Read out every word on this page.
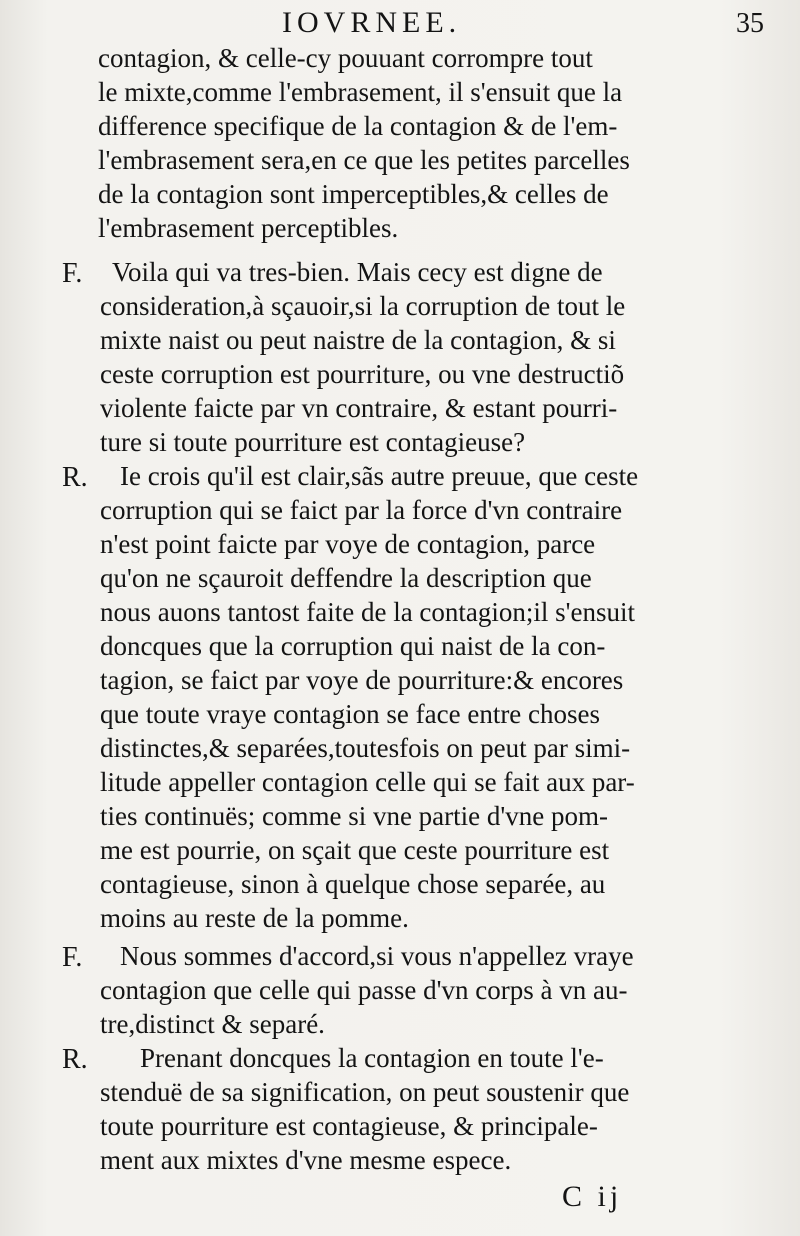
IOVRNEE.	35
F.
R.
F.
R.
contagion, & celle-cy pouuant corrompre tout
le mixte,comme l'embrasement, il s'ensuit que la
difference specifique de la contagion & de l'em-
l'embrasement sera,en ce que les petites parcelles
de la contagion sont imperceptibles,& celles de
l'embrasement perceptibles.
Voila qui va tres-bien. Mais cecy est digne de
consideration,à sçauoir,si la corruption de tout le
mixte naist ou peut naistre de la contagion, & si
ceste corruption est pourriture, ou vne destructiõ
violente faicte par vn contraire, & estant pourri-
ture si toute pourriture est contagieuse?
Ie crois qu'il est clair,sãs autre preuue, que ceste
corruption qui se faict par la force d'vn contraire
n'est point faicte par voye de contagion, parce
qu'on ne sçauroit deffendre la description que
nous auons tantost faite de la contagion;il s'ensuit
doncques que la corruption qui naist de la con-
tagion, se faict par voye de pourriture:& encores
que toute vraye contagion se face entre choses
distinctes,& separées,toutesfois on peut par simi-
litude appeller contagion celle qui se fait aux par-
ties continuës; comme si vne partie d'vne pom-
me est pourrie, on sçait que ceste pourriture est
contagieuse, sinon à quelque chose separée, au
moins au reste de la pomme.
Nous sommes d'accord,si vous n'appellez vraye
contagion que celle qui passe d'vn corps à vn au-
tre,distinct & separé.
Prenant doncques la contagion en toute l'e-
stenduë de sa signification, on peut soustenir que
toute pourriture est contagieuse, & principale-
ment aux mixtes d'vne mesme espece.
C ij
